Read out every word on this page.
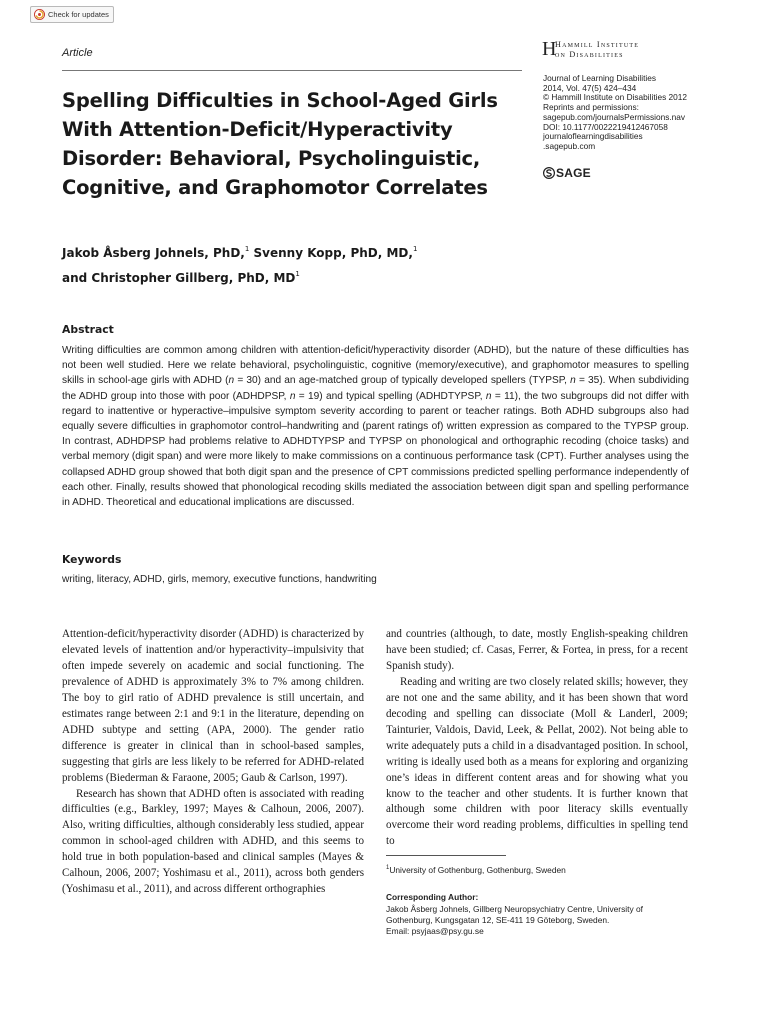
Check for updates
Article	H
Hammill Institute
on Disabilities
Spelling Difficulties in School-Aged Girls With Attention-Deficit/Hyperactivity Disorder: Behavioral, Psycholinguistic, Cognitive, and Graphomotor Correlates
Journal of Learning Disabilities
2014, Vol. 47(5) 424–434
© Hammill Institute on Disabilities 2012
Reprints and permissions:
sagepub.com/journalsPermissions.nav
DOI: 10.1177/0022219412467058
journaloflearningdisabilities
.sagepub.com
SAGE
Jakob Åsberg Johnels, PhD,$^1$ Svenny Kopp, PhD, MD,$^1$
and Christopher Gillberg, PhD, $MD^1$
Abstract

Writing difficulties are common among children with attention-deficit/hyperactivity disorder (ADHD), but the nature of these difficulties has not been well studied. Here we relate behavioral, psycholinguistic, cognitive (memory/executive), and graphomotor measures to spelling skills in school-age girls with ADHD (n = 30) and an age-matched group of typically developed spellers (TYPSP, n = 35). When subdividing the ADHD group into those with poor (ADHDPSP, n = 19) and typical spelling (ADHDTYPSP, n = 11), the two subgroups did not differ with regard to inattentive or hyperactive–impulsive symptom severity according to parent or teacher ratings. Both ADHD subgroups also had equally severe difficulties in graphomotor control–handwriting and (parent ratings of) written expression as compared to the TYPSP group. In contrast, ADHDPSP had problems relative to ADHDTYPSP and TYPSP on phonological and orthographic recoding (choice tasks) and verbal memory (digit span) and were more likely to make commissions on a continuous performance task (CPT). Further analyses using the collapsed ADHD group showed that both digit span and the presence of CPT commissions predicted spelling performance independently of each other. Finally, results showed that phonological recoding skills mediated the association between digit span and spelling performance in ADHD. Theoretical and educational implications are discussed.

Keywords
writing, literacy, ADHD, girls, memory, executive functions, handwriting

Attention-deficit/hyperactivity disorder (ADHD) is characterized by elevated levels of inattention and/or hyperactivity–impulsivity that often impede severely on academic and social functioning. The prevalence of ADHD is approximately 3% to 7% among children. The boy to girl ratio of ADHD prevalence is still uncertain, and estimates range between 2:1 and 9:1 in the literature, depending on ADHD subtype and setting (APA, 2000). The gender ratio difference is greater in clinical than in school-based samples, suggesting that girls are less likely to be referred for ADHD-related problems (Biederman & Faraone, 2005; Gaub & Carlson, 1997).

Research has shown that ADHD often is associated with reading difficulties (e.g., Barkley, 1997; Mayes & Calhoun, 2006, 2007). Also, writing difficulties, although considerably less studied, appear common in school-aged children with ADHD, and this seems to hold true in both population-based and clinical samples (Mayes & Calhoun, 2006, 2007; Yoshimasu et al., 2011), across both genders (Yoshimasu et al., 2011), and across different orthographies

and countries (although, to date, mostly English-speaking children have been studied; cf. Casas, Ferrer, & Fortea, in press, for a recent Spanish study).

Reading and writing are two closely related skills; however, they are not one and the same ability, and it has been shown that word decoding and spelling can dissociate (Moll & Landerl, 2009; Tainturier, Valdois, David, Leek, & Pellat, 2002). Not being able to write adequately puts a child in a disadvantaged position. In school, writing is ideally used both as a means for exploring and organizing one’s ideas in different content areas and for showing what you know to the teacher and other students. It is further known that although some children with poor literacy skills eventually overcome their word reading problems, difficulties in spelling tend to

$^1$University of Gothenburg, Gothenburg, Sweden
Corresponding Author:
Jakob Åsberg Johnels, Gillberg Neuropsychiatry Centre, University of Gothenburg, Kungsgatan 12, SE-411 19 Göteborg, Sweden.
Email: psyjaas@psy.gu.se
